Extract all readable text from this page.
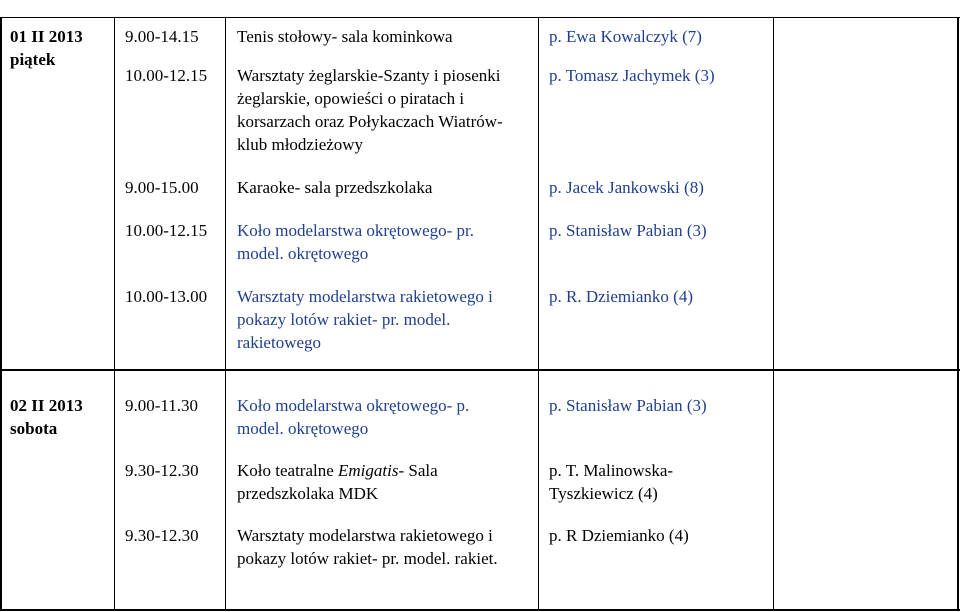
01 II 2013
piątek
9.00-14.15 Tenis stołowy- sala kominkowa	p. Ewa Kowalczyk (7)
10.00-12.15 Warsztaty żeglarskie-Szanty i piosenki
żeglarskie, opowieści o piratach i
korsarzach oraz Połykaczach Wiatrów-
klub młodzieżowy
p. Tomasz Jachymek (3)
9.00-15.00 Karaoke- sala przedszkolaka	p. Jacek Jankowski (8)
10.00-12.15 Koło modelarstwa okrętowego- pr.
model. okrętowego
p. Stanisław Pabian (3)
10.00-13.00 Warsztaty modelarstwa rakietowego i
pokazy lotów rakiet- pr. model.
rakietowego
p. R. Dziemianko (4)
02 II 2013
sobota
9.00-11.30 Koło modelarstwa okrętowego- p.
model. okrętowego
p. Stanisław Pabian (3)
9.30-12.30 Koło teatralne Emigatis- Sala
przedszkolaka MDK
p. T. Malinowska-
Tyszkiewicz (4)
9.30-12.30 Warsztaty modelarstwa rakietowego i
pokazy lotów rakiet- pr. model. rakiet.
p. R Dziemianko (4)
